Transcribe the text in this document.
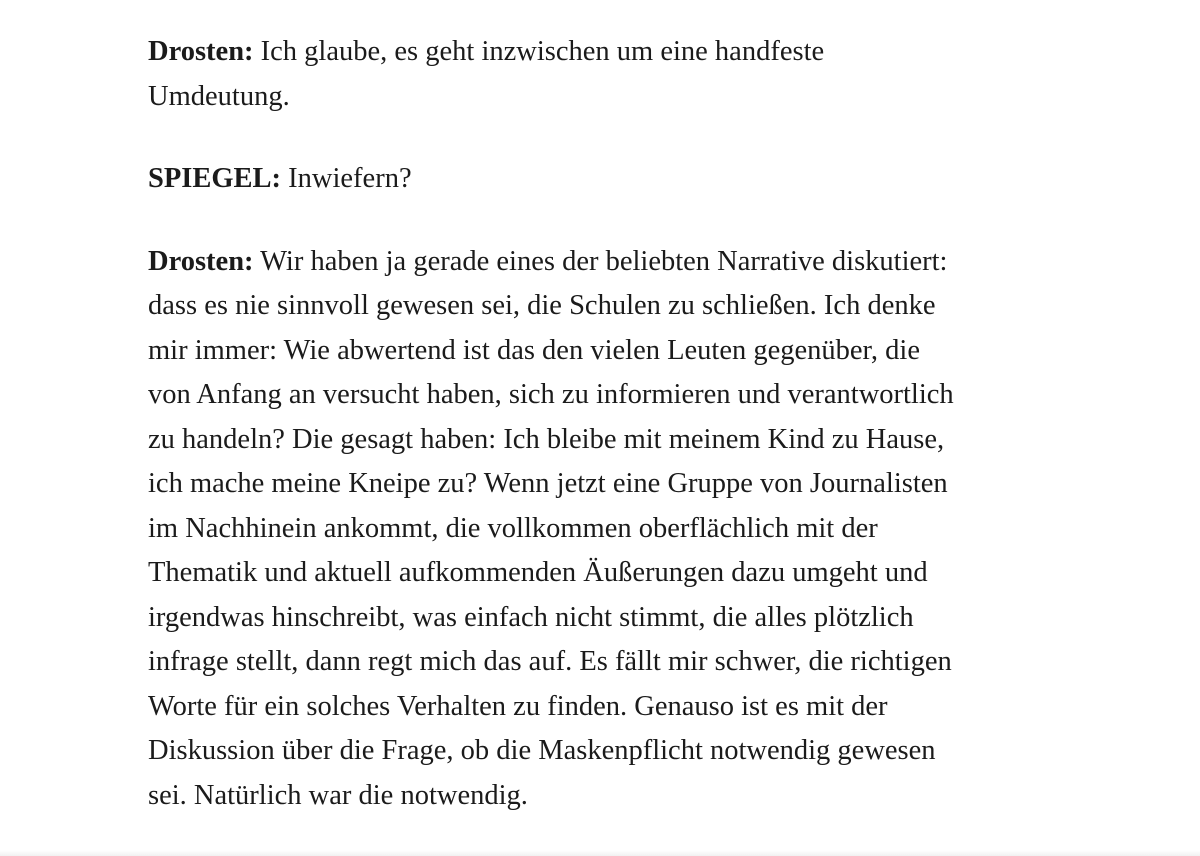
Drosten: Ich glaube, es geht inzwischen um eine handfeste
Umdeutung.

SPIEGEL: Inwiefern?

Drosten: Wir haben ja gerade eines der beliebten Narrative diskutiert:
dass es nie sinnvoll gewesen sei, die Schulen zu schließen. Ich denke
mir immer: Wie abwertend ist das den vielen Leuten gegenüber, die
von Anfang an versucht haben, sich zu informieren und verantwortlich
zu handeln? Die gesagt haben: Ich bleibe mit meinem Kind zu Hause,
ich mache meine Kneipe zu? Wenn jetzt eine Gruppe von Journalisten
im Nachhinein ankommt, die vollkommen oberflächlich mit der
Thematik und aktuell aufkommenden Äußerungen dazu umgeht und
irgendwas hinschreibt, was einfach nicht stimmt, die alles plötzlich
infrage stellt, dann regt mich das auf. Es fällt mir schwer, die richtigen
Worte für ein solches Verhalten zu finden. Genauso ist es mit der
Diskussion über die Frage, ob die Maskenpflicht notwendig gewesen
sei. Natürlich war die notwendig.
